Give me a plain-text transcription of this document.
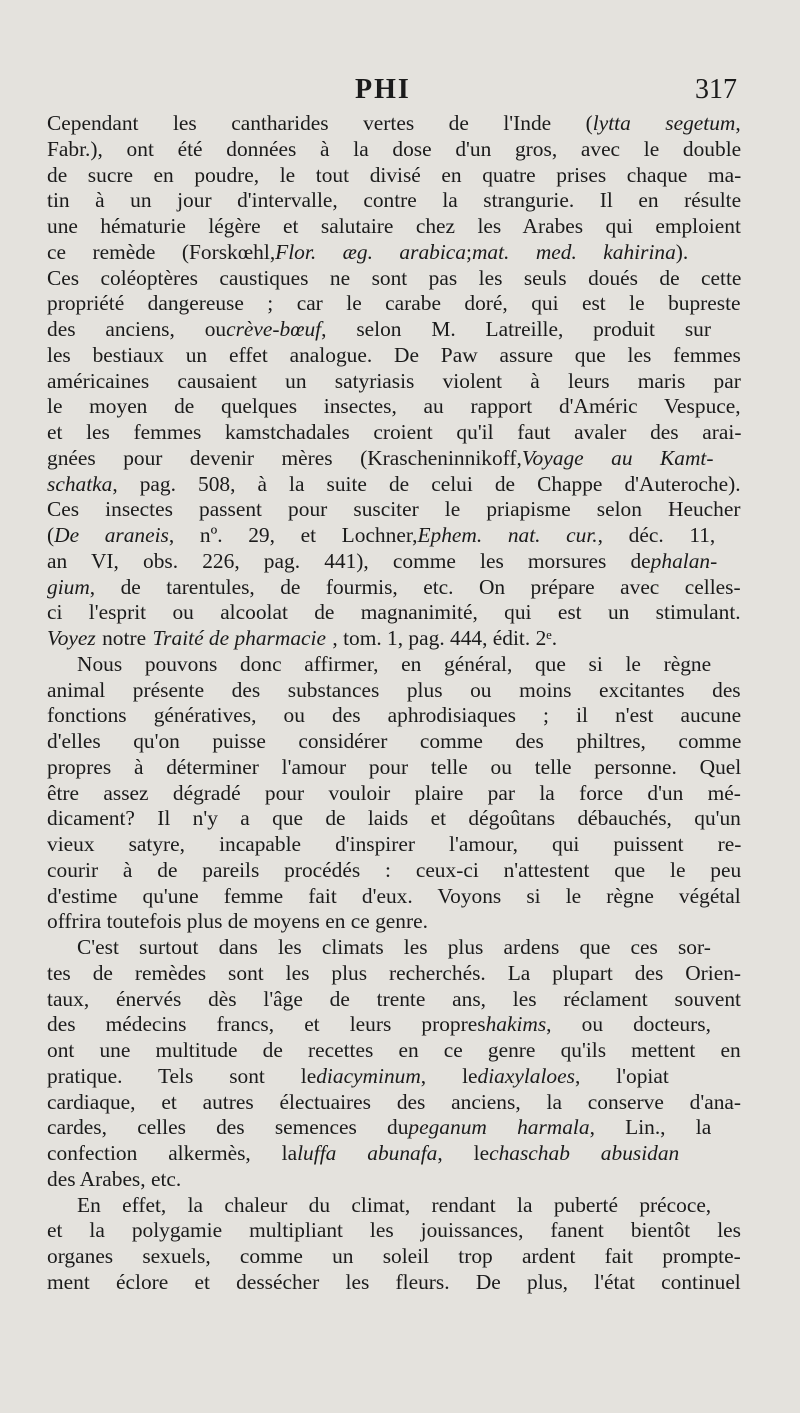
PHI	317
Cependant les cantharides vertes de l'Inde ( lytta segetum ,
Fabr.), ont été données à la dose d'un gros, avec le double
de sucre en poudre, le tout divisé en quatre prises chaque ma-
tin à un jour d'intervalle, contre la strangurie. Il en résulte
une hématurie légère et salutaire chez les Arabes qui emploient
ce remède (Forskœhl, Flor. æg. arabica ; mat. med. kahirina ).
Ces coléoptères caustiques ne sont pas les seuls doués de cette
propriété dangereuse ; car le carabe doré, qui est le bupreste
des anciens, ou crève-bœuf , selon M. Latreille, produit sur
les bestiaux un effet analogue. De Paw assure que les femmes
américaines causaient un satyriasis violent à leurs maris par
le moyen de quelques insectes, au rapport d'Améric Vespuce,
et les femmes kamstchadales croient qu'il faut avaler des arai-
gnées pour devenir mères (Krascheninnikoff, Voyage au Kamt-
schatka , pag. 508, à la suite de celui de Chappe d'Auteroche).
Ces insectes passent pour susciter le priapisme selon Heucher
( De araneis , nº. 29, et Lochner, Ephem. nat. cur. , déc. 11,
an VI, obs. 226, pag. 441), comme les morsures de phalan-
gium , de tarentules, de fourmis, etc. On prépare avec celles-
ci l'esprit ou alcoolat de magnanimité, qui est un stimulant.
Voyez notre Traité de pharmacie , tom. 1, pag. 444, édit. 2ᵉ.
Nous pouvons donc affirmer, en général, que si le règne
animal présente des substances plus ou moins excitantes des
fonctions génératives, ou des aphrodisiaques ; il n'est aucune
d'elles qu'on puisse considérer comme des philtres, comme
propres à déterminer l'amour pour telle ou telle personne. Quel
être assez dégradé pour vouloir plaire par la force d'un mé-
dicament? Il n'y a que de laids et dégoûtans débauchés, qu'un
vieux satyre, incapable d'inspirer l'amour, qui puissent re-
courir à de pareils procédés : ceux-ci n'attestent que le peu
d'estime qu'une femme fait d'eux. Voyons si le règne végétal
offrira toutefois plus de moyens en ce genre.
C'est surtout dans les climats les plus ardens que ces sor-
tes de remèdes sont les plus recherchés. La plupart des Orien-
taux, énervés dès l'âge de trente ans, les réclament souvent
des médecins francs, et leurs propres hakims , ou docteurs,
ont une multitude de recettes en ce genre qu'ils mettent en
pratique. Tels sont le diacyminum , le diaxylaloes , l'opiat
cardiaque, et autres électuaires des anciens, la conserve d'ana-
cardes, celles des semences du peganum harmala , Lin., la
confection alkermès, la luffa abunafa , le chaschab abusidan
des Arabes, etc.
En effet, la chaleur du climat, rendant la puberté précoce,
et la polygamie multipliant les jouissances, fanent bientôt les
organes sexuels, comme un soleil trop ardent fait prompte-
ment éclore et dessécher les fleurs. De plus, l'état continuel
